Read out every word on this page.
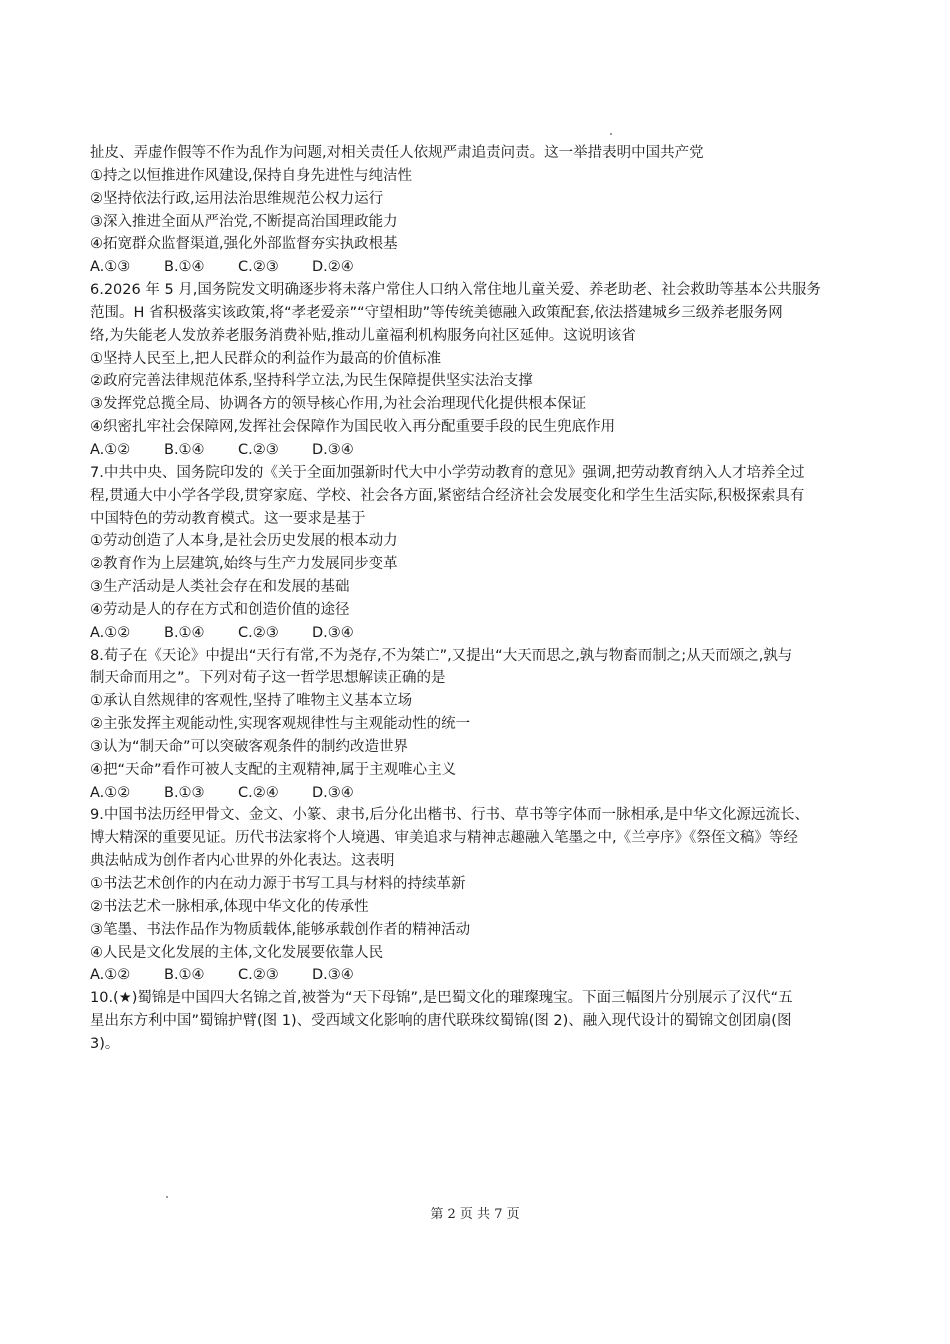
扯皮、弄虚作假等不作为乱作为问题,对相关责任人依规严肃追责问责。这一举措表明中国共产党
①持之以恒推进作风建设,保持自身先进性与纯洁性
②坚持依法行政,运用法治思维规范公权力运行
③深入推进全面从严治党,不断提高治国理政能力
④拓宽群众监督渠道,强化外部监督夯实执政根基
A.①③	B.①④	C.②③	D.②④
6.2026 年 5 月,国务院发文明确逐步将未落户常住人口纳入常住地儿童关爱、养老助老、社会救助等基本公共服务
范围。H 省积极落实该政策,将“孝老爱亲”“守望相助”等传统美德融入政策配套,依法搭建城乡三级养老服务网
络,为失能老人发放养老服务消费补贴,推动儿童福利机构服务向社区延伸。这说明该省
①坚持人民至上,把人民群众的利益作为最高的价值标准
②政府完善法律规范体系,坚持科学立法,为民生保障提供坚实法治支撑
③发挥党总揽全局、协调各方的领导核心作用,为社会治理现代化提供根本保证
④织密扎牢社会保障网,发挥社会保障作为国民收入再分配重要手段的民生兜底作用
A.①②	B.①④	C.②③	D.③④
7.中共中央、国务院印发的《关于全面加强新时代大中小学劳动教育的意见》强调,把劳动教育纳入人才培养全过
程,贯通大中小学各学段,贯穿家庭、学校、社会各方面,紧密结合经济社会发展变化和学生生活实际,积极探索具有
中国特色的劳动教育模式。这一要求是基于
①劳动创造了人本身,是社会历史发展的根本动力
②教育作为上层建筑,始终与生产力发展同步变革
③生产活动是人类社会存在和发展的基础
④劳动是人的存在方式和创造价值的途径
A.①②	B.①④	C.②③	D.③④
8.荀子在《天论》中提出“天行有常,不为尧存,不为桀亡”,又提出“大天而思之,孰与物畜而制之;从天而颂之,孰与
制天命而用之”。下列对荀子这一哲学思想解读正确的是
①承认自然规律的客观性,坚持了唯物主义基本立场
②主张发挥主观能动性,实现客观规律性与主观能动性的统一
③认为“制天命”可以突破客观条件的制约改造世界
④把“天命”看作可被人支配的主观精神,属于主观唯心主义
A.①②	B.①③	C.②④	D.③④
9.中国书法历经甲骨文、金文、小篆、隶书,后分化出楷书、行书、草书等字体而一脉相承,是中华文化源远流长、
博大精深的重要见证。历代书法家将个人境遇、审美追求与精神志趣融入笔墨之中,《兰亭序》《祭侄文稿》等经
典法帖成为创作者内心世界的外化表达。这表明
①书法艺术创作的内在动力源于书写工具与材料的持续革新
②书法艺术一脉相承,体现中华文化的传承性
③笔墨、书法作品作为物质载体,能够承载创作者的精神活动
④人民是文化发展的主体,文化发展要依靠人民
A.①②	B.①④	C.②③	D.③④
10.(★)蜀锦是中国四大名锦之首,被誉为“天下母锦”,是巴蜀文化的璀璨瑰宝。下面三幅图片分别展示了汉代“五
星出东方利中国”蜀锦护臂(图 1)、受西域文化影响的唐代联珠纹蜀锦(图 2)、融入现代设计的蜀锦文创团扇(图
3)。
第 2 页 共 7 页
